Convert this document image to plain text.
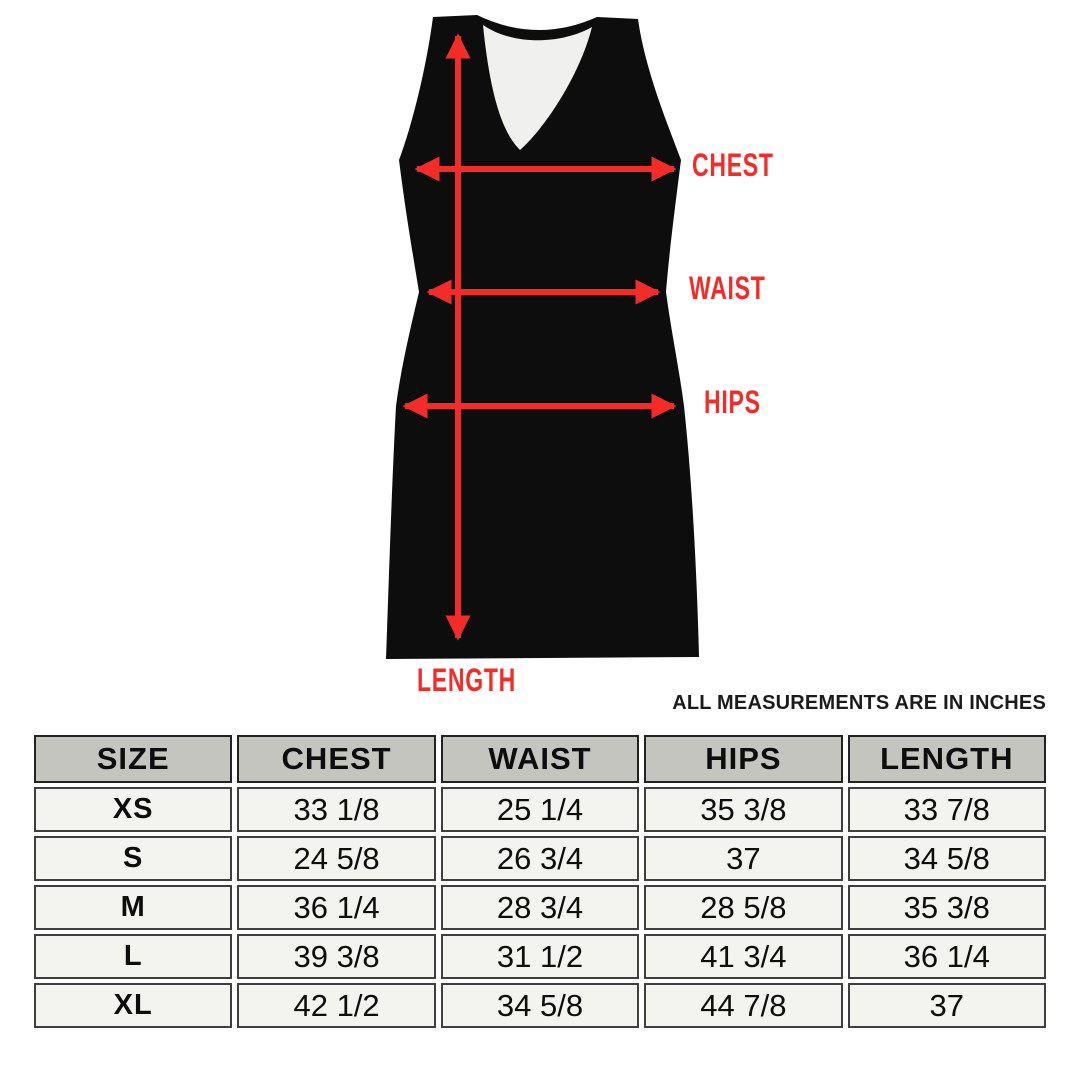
CHEST
WAIST
HIPS
LENGTH
ALL MEASUREMENTS ARE IN INCHES
SIZE	CHEST	WAIST	HIPS	LENGTH
XS	33 1/8	25 1/4	35 3/8	33 7/8
S	24 5/8	26 3/4	37	34 5/8
M	36 1/4	28 3/4	28 5/8	35 3/8
L	39 3/8	31 1/2	41 3/4	36 1/4
XL	42 1/2	34 5/8	44 7/8	37
